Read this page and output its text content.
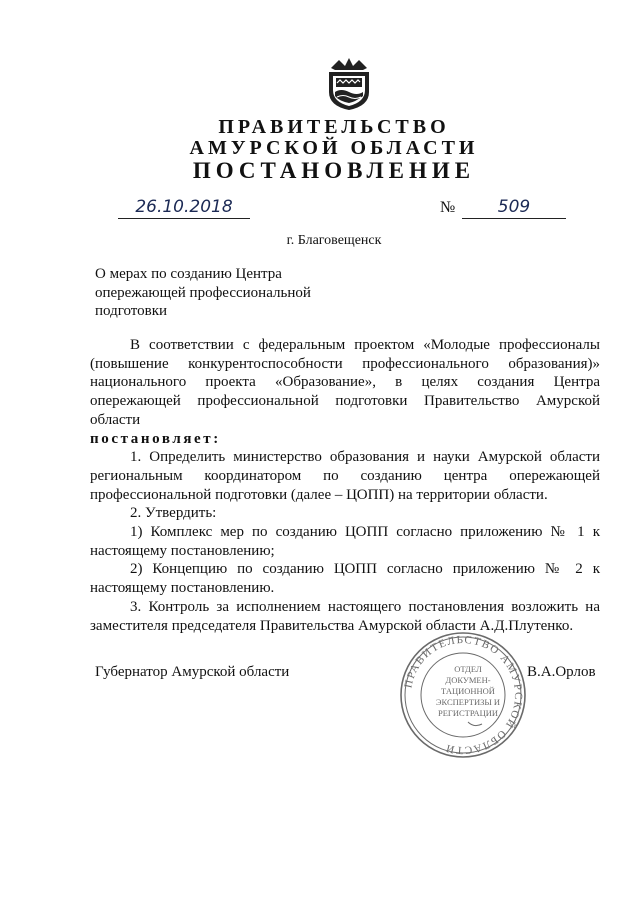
ПРАВИТЕЛЬСТВО
АМУРСКОЙ ОБЛАСТИ
ПОСТАНОВЛЕНИЕ
26.10.2018	№	509
г. Благовещенск
О мерах по созданию Центра
опережающей профессиональной
подготовки

В соответствии с федеральным проектом «Молодые профессионалы (повышение конкурентоспособности профессионального образования)» национального проекта «Образование», в целях создания Центра опережающей профессиональной подготовки Правительство Амурской области

постановляет:

1. Определить министерство образования и науки Амурской области региональным координатором по созданию центра опережающей профессиональной подготовки (далее – ЦОПП) на территории области.

2. Утвердить:

1) Комплекс мер по созданию ЦОПП согласно приложению № 1 к настоящему постановлению;

2) Концепцию по созданию ЦОПП согласно приложению № 2 к настоящему постановлению.

3. Контроль за исполнением настоящего постановления возложить на заместителя председателя Правительства Амурской области А.Д.Плутенко.

Губернатор Амурской области
ПРАВИТЕЛЬСТВО АМУРСКОЙ ОБЛАСТИ
ОТДЕЛ
ДОКУМЕН-
ТАЦИОННОЙ
ЭКСПЕРТИЗЫ И
РЕГИСТРАЦИИ
В.А.Орлов
